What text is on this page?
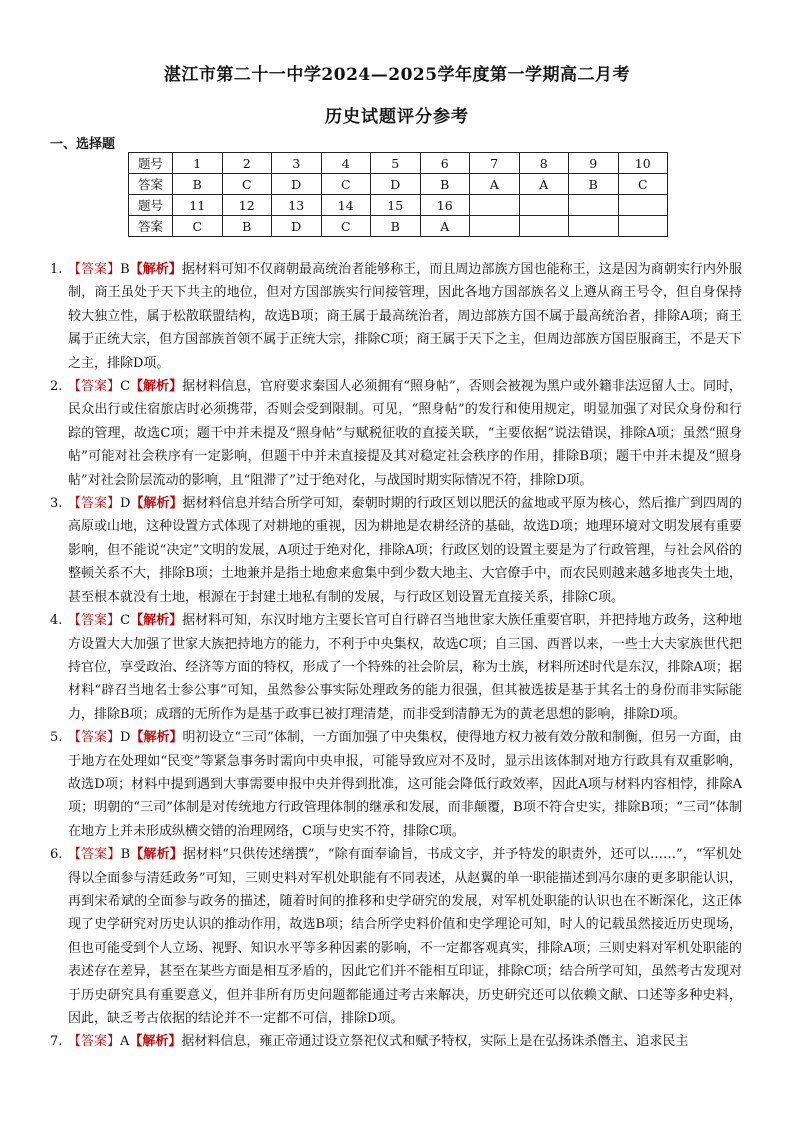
湛江市第二十一中学2024—2025学年度第一学期高二月考
历史试题评分参考
一、选择题
题号	1	2	3	4	5	6	7	8	9	10
答案	B	C	D	C	D	B	A	A	B	C
题号	11	12	13	14	15	16				
答案	C	B	D	C	B	A				
1. 【答案】B【解析】据材料可知不仅商朝最高统治者能够称王，而且周边部族方国也能称王，这是因为商朝实行内外服制，商王虽处于天下共主的地位，但对方国部族实行间接管理，因此各地方国部族名义上遵从商王号令，但自身保持较大独立性，属于松散联盟结构，故选B项；商王属于最高统治者，周边部族方国不属于最高统治者，排除A项；商王属于正统大宗，但方国部族首领不属于正统大宗，排除C项；商王属于天下之主，但周边部族方国臣服商王，不是天下之主，排除D项。
2. 【答案】C【解析】据材料信息，官府要求秦国人必须拥有“照身帖”，否则会被视为黑户或外籍非法逗留人士。同时，民众出行或住宿旅店时必须携带，否则会受到限制。可见，“照身帖”的发行和使用规定，明显加强了对民众身份和行踪的管理，故选C项；题干中并未提及“照身帖”与赋税征收的直接关联，“主要依据”说法错误，排除A项；虽然“照身帖”可能对社会秩序有一定影响，但题干中并未直接提及其对稳定社会秩序的作用，排除B项；题干中并未提及“照身帖”对社会阶层流动的影响，且“阻滞了”过于绝对化，与战国时期实际情况不符，排除D项。
3. 【答案】D【解析】据材料信息并结合所学可知，秦朝时期的行政区划以肥沃的盆地或平原为核心，然后推广到四周的高原或山地，这种设置方式体现了对耕地的重视，因为耕地是农耕经济的基础，故选D项；地理环境对文明发展有重要影响，但不能说“决定”文明的发展，A项过于绝对化，排除A项；行政区划的设置主要是为了行政管理，与社会风俗的整顿关系不大，排除B项；土地兼并是指土地愈来愈集中到少数大地主、大官僚手中，而农民则越来越多地丧失土地，甚至根本就没有土地，根源在于封建土地私有制的发展，与行政区划设置无直接关系，排除C项。
4. 【答案】C【解析】据材料可知，东汉时地方主要长官可自行辟召当地世家大族任重要官职，并把持地方政务，这种地方设置大大加强了世家大族把持地方的能力，不利于中央集权，故选C项；自三国、西晋以来，一些士大夫家族世代把持官位，享受政治、经济等方面的特权，形成了一个特殊的社会阶层，称为士族，材料所述时代是东汉，排除A项；据材料“辟召当地名士参公事”可知，虽然参公事实际处理政务的能力很强，但其被选拔是基于其名士的身份而非实际能力，排除B项；成瑨的无所作为是基于政事已被打理清楚，而非受到清静无为的黄老思想的影响，排除D项。
5. 【答案】D【解析】明初设立“三司”体制，一方面加强了中央集权，使得地方权力被有效分散和制衡，但另一方面，由于地方在处理如“民变”等紧急事务时需向中央申报，可能导致应对不及时，显示出该体制对地方行政具有双重影响，故选D项；材料中提到遇到大事需要申报中央并得到批准，这可能会降低行政效率，因此A项与材料内容相悖，排除A项；明朝的“三司”体制是对传统地方行政管理体制的继承和发展，而非颠覆，B项不符合史实，排除B项；“三司”体制在地方上并未形成纵横交错的治理网络，C项与史实不符，排除C项。
6. 【答案】B【解析】据材料“只供传述缮撰”，“除有面奉谕旨，书成文字，并予特发的职责外，还可以……”，“军机处得以全面参与清廷政务”可知，三则史料对军机处职能有不同表述，从赵翼的单一职能描述到冯尔康的更多职能认识，再到宋希斌的全面参与政务的描述，随着时间的推移和史学研究的发展，对军机处职能的认识也在不断深化，这正体现了史学研究对历史认识的推动作用，故选B项；结合所学史料价值和史学理论可知，时人的记载虽然接近历史现场，但也可能受到个人立场、视野、知识水平等多种因素的影响，不一定都客观真实，排除A项；三则史料对军机处职能的表述存在差异，甚至在某些方面是相互矛盾的，因此它们并不能相互印证，排除C项；结合所学可知，虽然考古发现对于历史研究具有重要意义，但并非所有历史问题都能通过考古来解决，历史研究还可以依赖文献、口述等多种史料，因此，缺乏考古依据的结论并不一定都不可信，排除D项。
7. 【答案】A【解析】据材料信息，雍正帝通过设立祭祀仪式和赋予特权，实际上是在弘扬诛杀僭主、追求民主
